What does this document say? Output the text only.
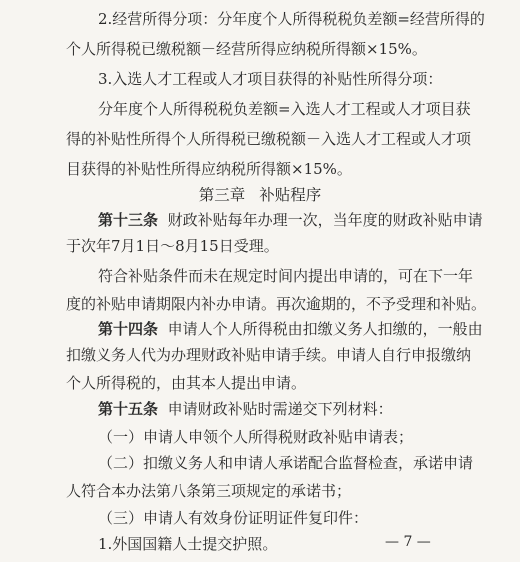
2.经营所得分项：分年度个人所得税税负差额=经营所得的

个人所得税已缴税额－经营所得应纳税所得额×15%。

3.入选人才工程或人才项目获得的补贴性所得分项：

分年度个人所得税税负差额=入选人才工程或人才项目获

得的补贴性所得个人所得税已缴税额－入选人才工程或人才项

目获得的补贴性所得应纳税所得额×15%。

第三章 补贴程序

第十三条 财政补贴每年办理一次，当年度的财政补贴申请

于次年7月1日～8月15日受理。

符合补贴条件而未在规定时间内提出申请的，可在下一年

度的补贴申请期限内补办申请。再次逾期的，不予受理和补贴。

第十四条 申请人个人所得税由扣缴义务人扣缴的，一般由

扣缴义务人代为办理财政补贴申请手续。申请人自行申报缴纳

个人所得税的，由其本人提出申请。

第十五条 申请财政补贴时需递交下列材料：

（一）申请人申领个人所得税财政补贴申请表；

（二）扣缴义务人和申请人承诺配合监督检查，承诺申请

人符合本办法第八条第三项规定的承诺书；

（三）申请人有效身份证明证件复印件：

1.外国国籍人士提交护照。	— 7 —
